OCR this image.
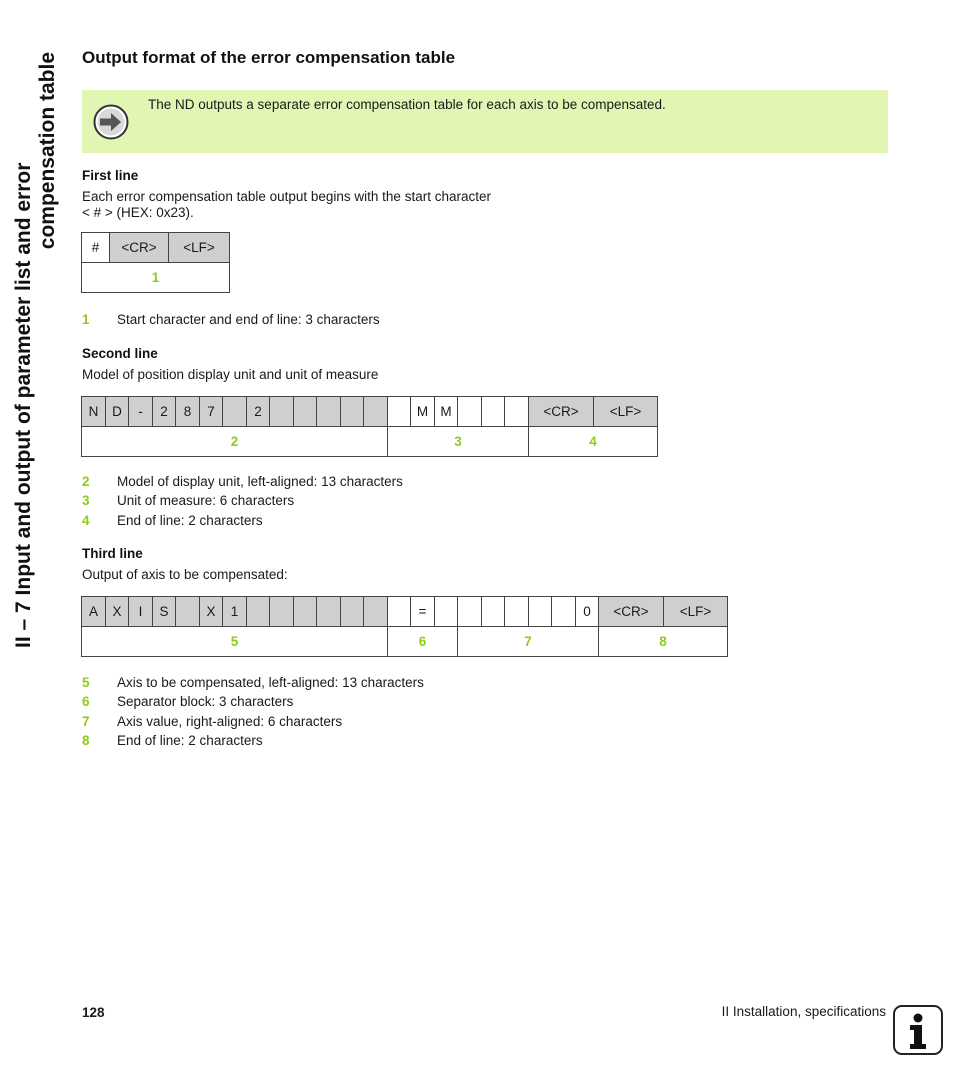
II – 7 Input and output of parameter list and error
compensation table Output format of the error compensation table
The ND outputs a separate error compensation table for each axis to be compensated.
First line
Each error compensation table output begins with the start character
< # > (HEX: 0x23).
#	<CR>	<LF>
1
1 Start character and end of line: 3 characters
Second line
Model of position display unit and unit of measure
N	D	-	2	8	7		2							M	M				<CR>	<LF>
2													3						4	
2 Model of display unit, left-aligned: 13 characters
3 Unit of measure: 6 characters
4 End of line: 2 characters
Third line
Output of axis to be compensated:
A	X	I	S		X	1								=							0	<CR>	<LF>
5													6			7						8	
5 Axis to be compensated, left-aligned: 13 characters
6 Separator block: 3 characters
7 Axis value, right-aligned: 6 characters
8 End of line: 2 characters
128	II Installation, specifications
